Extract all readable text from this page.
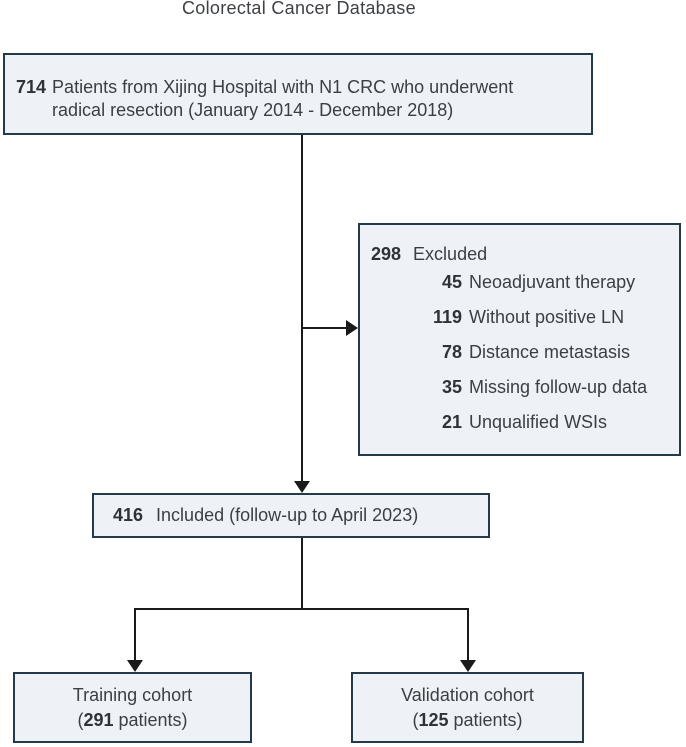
Colorectal Cancer Database
714 Patients from Xijing Hospital with N1 CRC who underwent
radical resection (January 2014 - December 2018)
298 Excluded
45 Neoadjuvant therapy
119 Without positive LN
78 Distance metastasis
35 Missing follow-up data
21 Unqualified WSIs
416 Included (follow-up to April 2023)
Training cohort
(291 patients)
Validation cohort
(125 patients)
